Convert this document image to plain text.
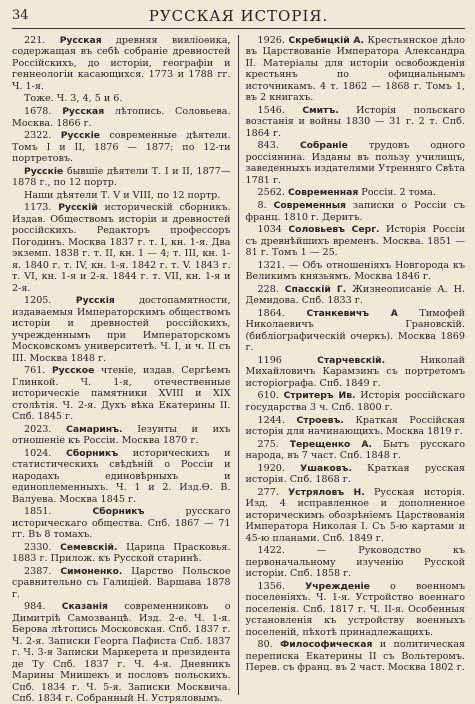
34	РУССКАЯ ИСТОРІЯ.

221. Русская древняя вивліоѳика, содержащая въ себѣ собраніе древностей Россійскихъ, до исторіи, географіи и геннеологіи касающихся. 1773 и 1788 гг. Ч. 1-я.

Тоже. Ч. 3, 4, 5 и 6.

1678. Русская лѣтопись. Соловьева. Москва. 1866 г.

2322. Русскіе современные дѣятели. Томъ I и II, 1876 — 1877; по 12-ти портретовъ.

Русскіе бывшіе дѣятели Т. I и II, 1877— 1878 г., по 12 портр.

Наши дѣятели Т. V и VIII, по 12 портр.

1173. Русскій историческій сборникъ. Издав. Обществомъ исторіи и древностей россійскихъ. Редакторъ профессоръ Погодинъ. Москва 1837 г. т. I, кн. 1-я. Два экземп. 1838 г. т. II, кн. 1 — 4; т. III, кн. 1-я. 1840 г. т. IV, кн. 1-я. 1842 г. т. V. 1843 г. т. VI, кн. 1-я и 2-я. 1844 г. т. VII, кн. 1-я и 2-я.

1205. Русскія достопамятности, издаваемыя Императорскимъ обществомъ исторіи и древностей россійскихъ, учрежденнымъ при Императорскомъ Московскомъ университетѣ. Ч. I, и ч. II съ III. Москва 1848 г.

761. Русское чтеніе, издав. Сергѣемъ Глинкой. Ч. 1-я, отечественные историческіе памятники XVIII и XIX столѣтія. Ч. 2-я. Духъ вѣка Екатерины II. Спб. 1845 г.

2023. Самаринъ. Іезуиты и ихъ отношеніе къ Россіи. Москва 1870 г.

1024. Сборникъ историческихъ и статистическихъ свѣдѣній о Россіи и народахъ единовѣрныхъ и единоплеменныхъ. Ч. 1 и 2. Изд.Ѳ. В. Валуева. Москва 1845 г.

1851. Сборникъ русскаго историческаго общества. Спб. 1867 — 71 гг. Въ 8 томахъ.

2330. Семевскій. Царица Прасковья. 1883 г. Прилож. къ Русской старинѣ.

2387. Симоненко. Царство Польское сравнительно съ Галиціей. Варшава 1878 г.

984. Сказанія современниковъ о Димитріѣ Самозванцѣ. Изд. 2-е. Ч. 1-я. Берова лѣтопись Московская. Спб. 1837 г. Ч. 2-я. Записки Георга Пафиста Спб. 1837 г. Ч. 3-я Записки Маркерета и президента де Ту Спб. 1837 г. Ч. 4-я. Дневникъ Марины Мнишекъ и пословъ польскихъ. Спб. 1834 г. Ч. 5-я. Записки Москвича. Спб. 1834 г. Собранный Н. Устряловымъ.

1926. Скребицкій А. Крестьянское дѣло въ Царствованіе Императора Александра II. Матеріалы для исторіи освобожденія крестьянъ по официальнымъ источникамъ. 4 т. 1862 — 1868 г. Томъ 1, въ 2 книгахъ.

1546. Смитъ. Исторія польскаго возстанія и войны 1830 — 31 г. 2 т. Спб. 1864 г.

843. Собраніе трудовъ одного россіянина. Изданы въ пользу училищъ, заведенныхъ издателями Утренняго Свѣта 1781 г.

2562. Современная Россія. 2 тома.

8. Современныя записки о Россіи съ франц. 1810 г. Деритъ.

1034 Соловьевъ Серг. Исторія Россіи съ древнѣйшихъ временъ. Москва. 1851 — 81 г. Томъ 1 — 25.

1321. — Объ отношеніяхъ Новгорода къ Великимъ князьямъ. Москва 1846 г.

228. Спасскій Г. Жизнеописаніе А. Н. Демидова. Спб. 1833 г.

1864. Станкевичъ А Тимофей Николаевичъ Грановскій. (библіографическій очеркъ). Москва 1869 г.

1196 Старчевскій. Николай Михайловичъ Карамзинъ съ портретомъ исторіографа. Спб. 1849 г.

610. Стритеръ Ив. Исторія россійскаго государства 3 ч. Спб. 1800 г.

1244. Строевъ. Краткая Россійская исторія для начинающихъ. Москва 1819 г.

275. Терещенко А. Бытъ русскаго народа, въ 7 част. Спб. 1848 г.

1920. Ушаковъ. Краткая русская исторія. Спб. 1868 г.

277. Устряловъ Н. Русская исторія. Изд. 4 исправленное и дополненное историческимъ обозрѣніемъ Царствованія Императора Николая I. Съ 5-ю картами и 45-ю планами. Спб. 1849 г.

1422. — Руководство къ первоначальному изученію Русской исторіи. Спб. 1858 г.

1356. Учрежденіе о военномъ поселеніяхъ. Ч. 1-я. Устройство военнаго поселенія. Спб. 1817 г. Ч. II-я. Особенныя установленія къ устройству военныхъ поселеній, пѣхотѣ принадлежащихъ.

80. Философическая и политическая переписка Екатерины II съ Вольтеромъ. Перев. съ франц. въ 2 част. Москва 1802 г.
